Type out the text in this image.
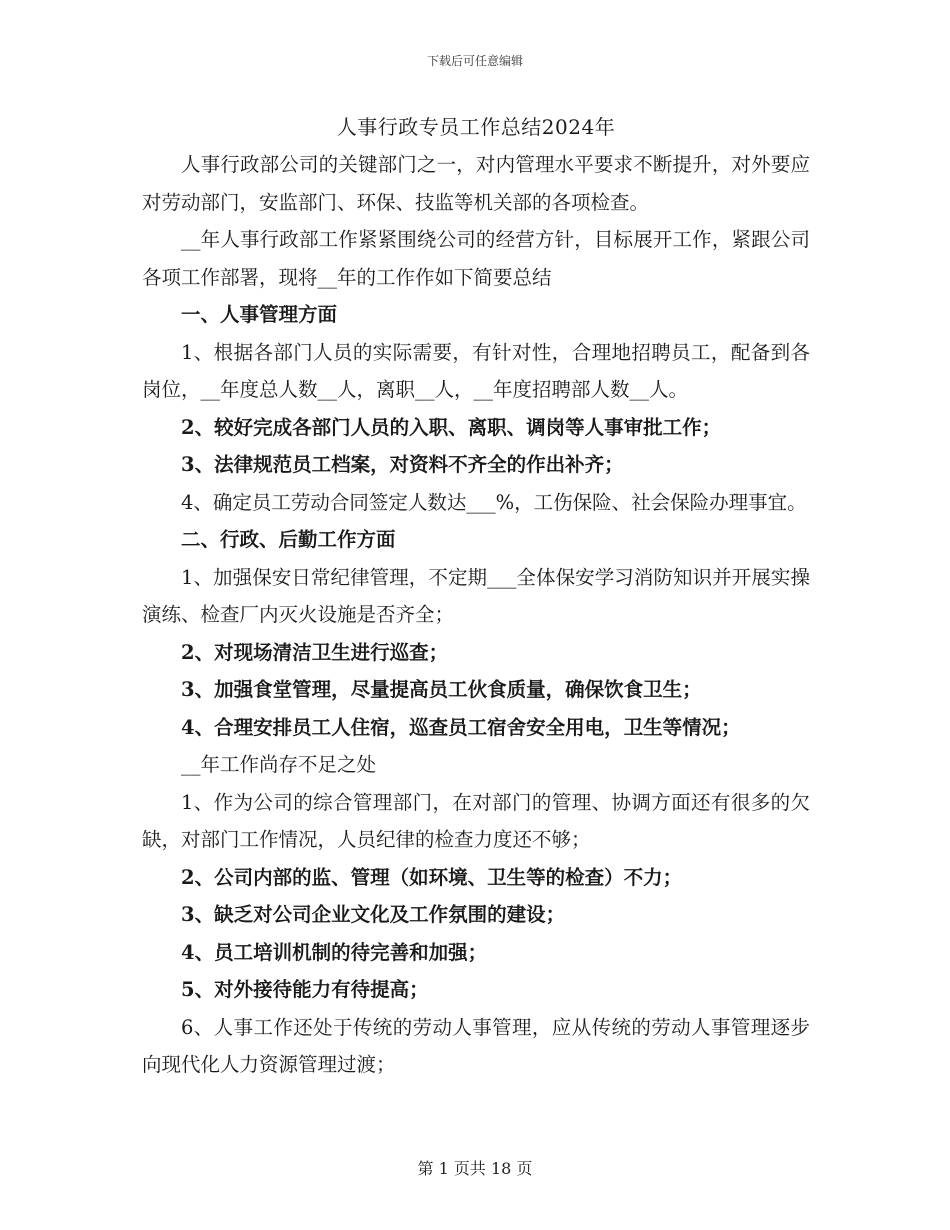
下载后可任意编辑
人事行政专员工作总结2024年

人事行政部公司的关键部门之一，对内管理水平要求不断提升，对外要应对劳动部门，安监部门、环保、技监等机关部的各项检查。

__年人事行政部工作紧紧围绕公司的经营方针，目标展开工作，紧跟公司各项工作部署，现将__年的工作作如下简要总结

一、人事管理方面

1、根据各部门人员的实际需要，有针对性，合理地招聘员工，配备到各岗位，__年度总人数__人，离职__人，__年度招聘部人数__人。

2、较好完成各部门人员的入职、离职、调岗等人事审批工作；

3、法律规范员工档案，对资料不齐全的作出补齐；

4、确定员工劳动合同签定人数达___%，工伤保险、社会保险办理事宜。

二、行政、后勤工作方面

1、加强保安日常纪律管理，不定期___全体保安学习消防知识并开展实操演练、检查厂内灭火设施是否齐全；

2、对现场清洁卫生进行巡查；

3、加强食堂管理，尽量提高员工伙食质量，确保饮食卫生；

4、合理安排员工人住宿，巡查员工宿舍安全用电，卫生等情况；

__年工作尚存不足之处

1、作为公司的综合管理部门，在对部门的管理、协调方面还有很多的欠缺，对部门工作情况，人员纪律的检查力度还不够；

2、公司内部的监、管理（如环境、卫生等的检查）不力；

3、缺乏对公司企业文化及工作氛围的建设；

4、员工培训机制的待完善和加强；

5、对外接待能力有待提高；

6、人事工作还处于传统的劳动人事管理，应从传统的劳动人事管理逐步向现代化人力资源管理过渡；

第 1 页共 18 页
